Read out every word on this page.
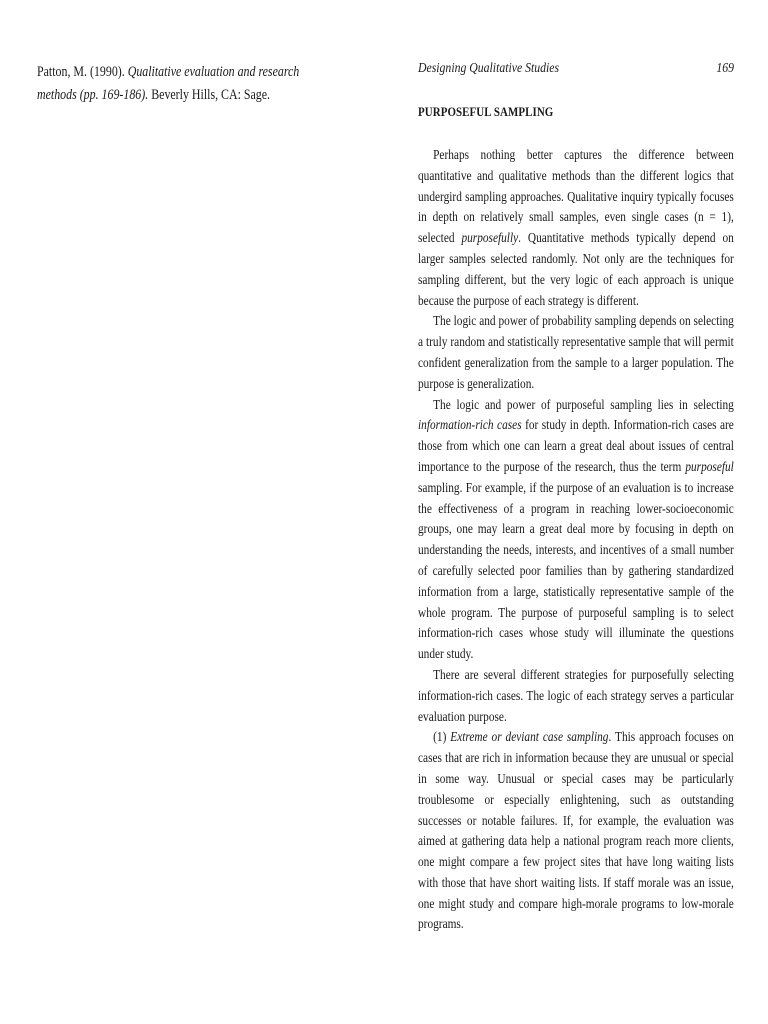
Patton, M. (1990). Qualitative evaluation and research methods (pp. 169-186). Beverly Hills, CA: Sage.
Designing Qualitative Studies	169
PURPOSEFUL SAMPLING

Perhaps nothing better captures the difference between quantitative and qualitative methods than the different logics that undergird sampling approaches. Qualitative inquiry typically focuses in depth on relatively small samples, even single cases (n = 1), selected purposefully. Quantitative methods typically depend on larger samples selected randomly. Not only are the techniques for sampling different, but the very logic of each approach is unique because the purpose of each strategy is different.

The logic and power of probability sampling depends on selecting a truly random and statistically representative sample that will permit confident generalization from the sample to a larger population. The purpose is generalization.

The logic and power of purposeful sampling lies in selecting information-rich cases for study in depth. Information-rich cases are those from which one can learn a great deal about issues of central importance to the purpose of the research, thus the term purposeful sampling. For example, if the purpose of an evaluation is to increase the effectiveness of a program in reaching lower-socioeconomic groups, one may learn a great deal more by focusing in depth on understanding the needs, interests, and incentives of a small number of carefully selected poor families than by gathering standardized information from a large, statistically representative sample of the whole program. The purpose of purposeful sampling is to select information-rich cases whose study will illuminate the questions under study.

There are several different strategies for purposefully selecting information-rich cases. The logic of each strategy serves a particular evaluation purpose.

(1) Extreme or deviant case sampling. This approach focuses on cases that are rich in information because they are unusual or special in some way. Unusual or special cases may be particularly troublesome or especially enlightening, such as outstanding successes or notable failures. If, for example, the evaluation was aimed at gathering data help a national program reach more clients, one might compare a few project sites that have long waiting lists with those that have short waiting lists. If staff morale was an issue, one might study and compare high-morale programs to low-morale programs.
